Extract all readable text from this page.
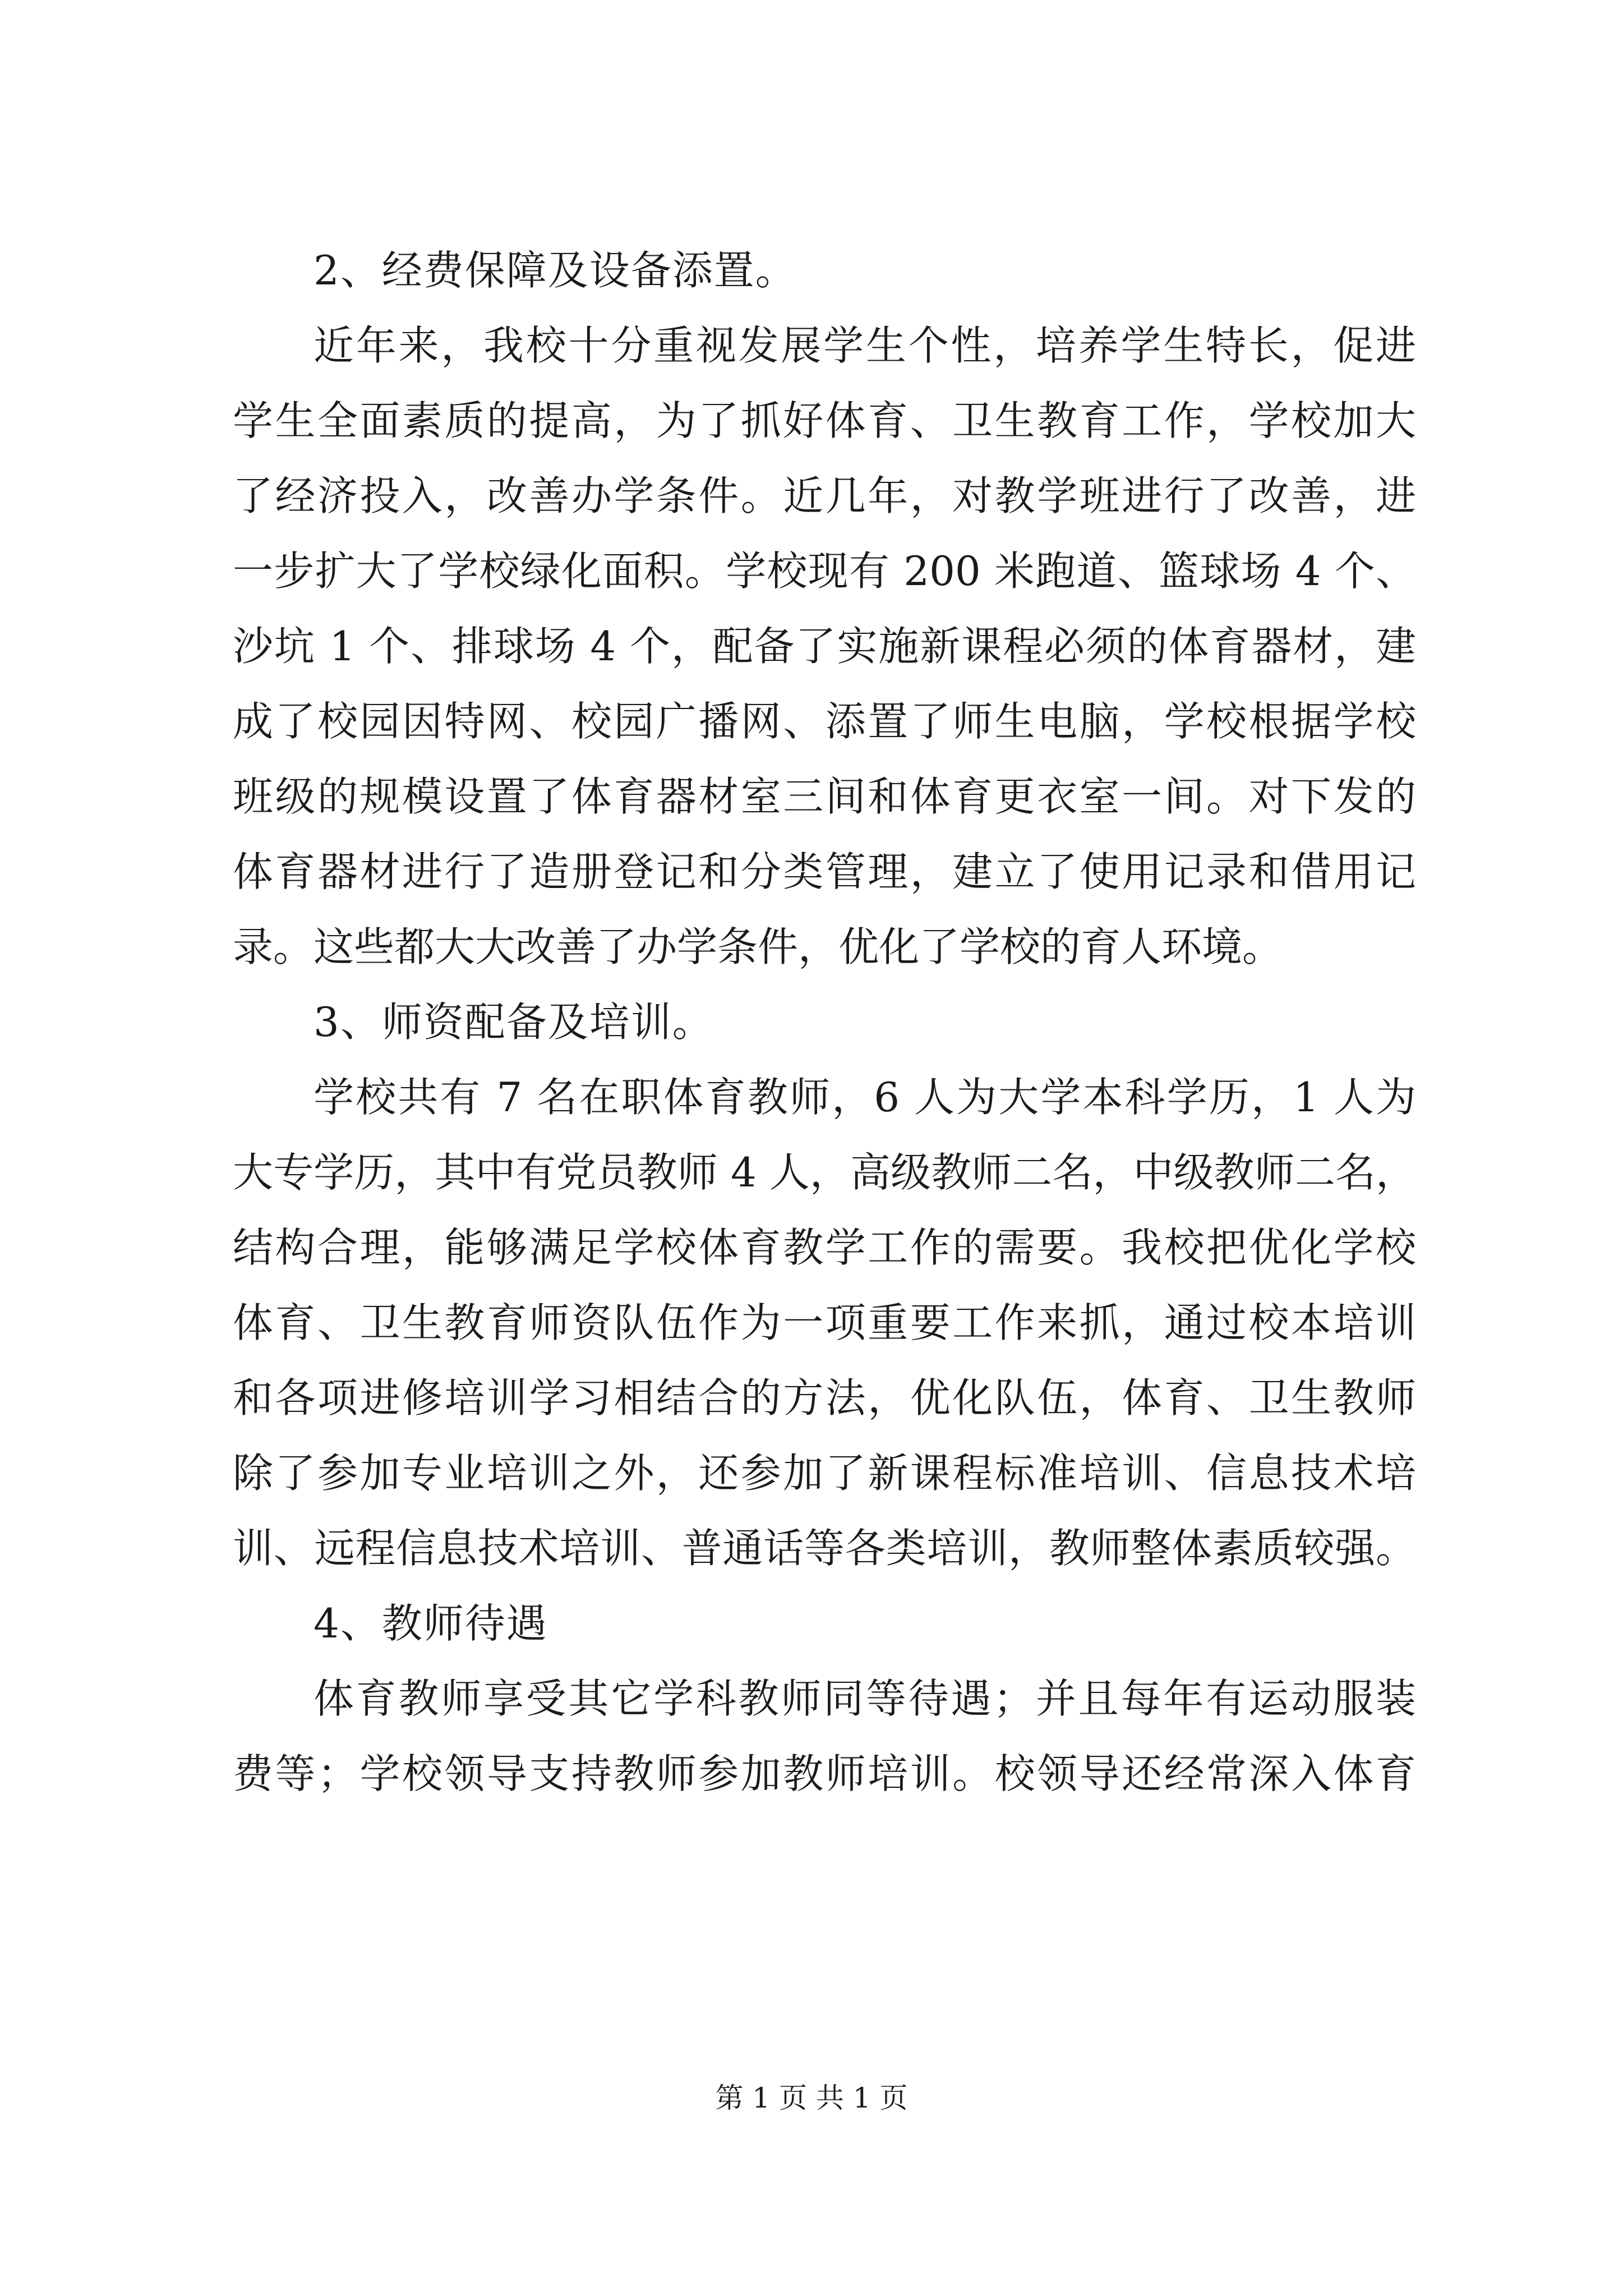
2、经费保障及设备添置。
近年来，我校十分重视发展学生个性，培养学生特长，促进
学生全面素质的提高，为了抓好体育、卫生教育工作，学校加大
了经济投入，改善办学条件。近几年，对教学班进行了改善，进
一步扩大了学校绿化面积。学校现有 200 米跑道、篮球场 4 个、
沙坑 1 个、排球场 4 个，配备了实施新课程必须的体育器材，建
成了校园因特网、校园广播网、添置了师生电脑，学校根据学校
班级的规模设置了体育器材室三间和体育更衣室一间。对下发的
体育器材进行了造册登记和分类管理，建立了使用记录和借用记
录。这些都大大改善了办学条件，优化了学校的育人环境。
3、师资配备及培训。
学校共有 7 名在职体育教师，6 人为大学本科学历，1 人为
大专学历，其中有党员教师 4 人，高级教师二名，中级教师二名，
结构合理，能够满足学校体育教学工作的需要。我校把优化学校
体育、卫生教育师资队伍作为一项重要工作来抓，通过校本培训
和各项进修培训学习相结合的方法，优化队伍，体育、卫生教师
除了参加专业培训之外，还参加了新课程标准培训、信息技术培
训、远程信息技术培训、普通话等各类培训，教师整体素质较强。
4、教师待遇
体育教师享受其它学科教师同等待遇；并且每年有运动服装
费等；学校领导支持教师参加教师培训。校领导还经常深入体育
第 1 页 共 1 页
